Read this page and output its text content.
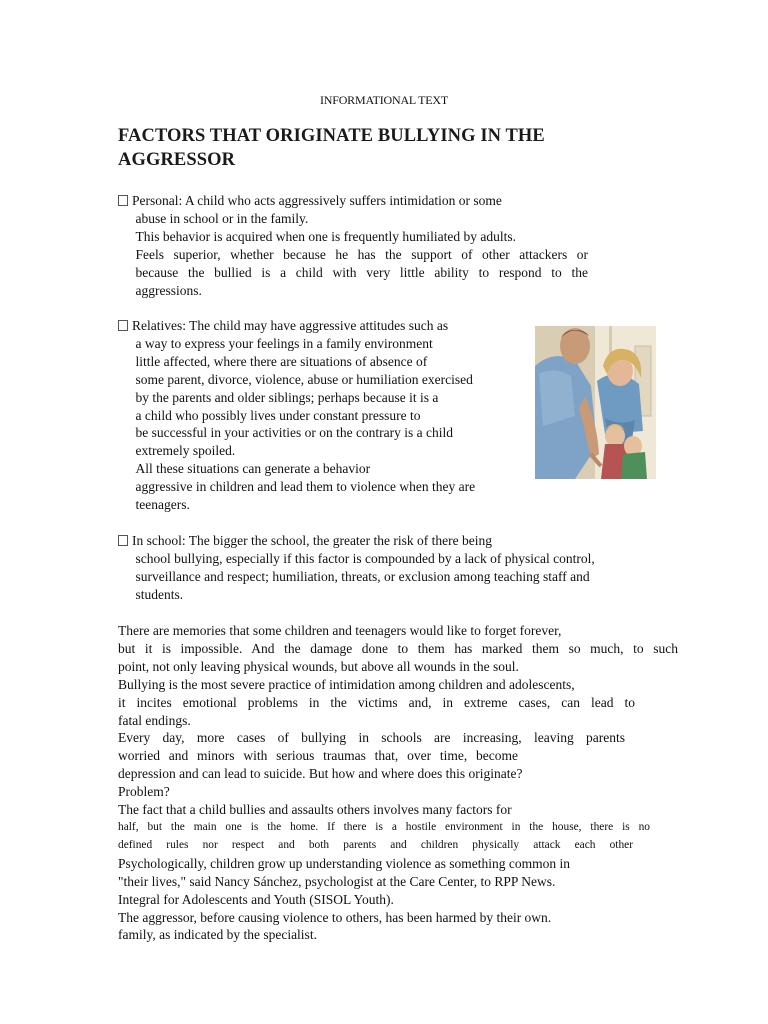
INFORMATIONAL TEXT
FACTORS THAT ORIGINATE BULLYING IN THE
AGGRESSOR
Personal: A child who acts aggressively suffers intimidation or some
abuse in school or in the family.
This behavior is acquired when one is frequently humiliated by adults.
Feels superior, whether because he has the support of other attackers or
because the bullied is a child with very little ability to respond to the
aggressions.
Relatives: The child may have aggressive attitudes such as
a way to express your feelings in a family environment
little affected, where there are situations of absence of
some parent, divorce, violence, abuse or humiliation exercised
by the parents and older siblings; perhaps because it is a
a child who possibly lives under constant pressure to
be successful in your activities or on the contrary is a child
extremely spoiled.
All these situations can generate a behavior
aggressive in children and lead them to violence when they are
teenagers.
In school: The bigger the school, the greater the risk of there being
school bullying, especially if this factor is compounded by a lack of physical control,
surveillance and respect; humiliation, threats, or exclusion among teaching staff and
students.
There are memories that some children and teenagers would like to forget forever,
but it is impossible. And the damage done to them has marked them so much, to such
point, not only leaving physical wounds, but above all wounds in the soul.
Bullying is the most severe practice of intimidation among children and adolescents,
it incites emotional problems in the victims and, in extreme cases, can lead to
fatal endings.
Every day, more cases of bullying in schools are increasing, leaving parents
worried and minors with serious traumas that, over time, become
depression and can lead to suicide. But how and where does this originate?
Problem?
The fact that a child bullies and assaults others involves many factors for
half, but the main one is the home. If there is a hostile environment in the house, there is no
defined rules nor respect and both parents and children physically attack each other
Psychologically, children grow up understanding violence as something common in
"their lives," said Nancy Sánchez, psychologist at the Care Center, to RPP News.
Integral for Adolescents and Youth (SISOL Youth).
The aggressor, before causing violence to others, has been harmed by their own.
family, as indicated by the specialist.
